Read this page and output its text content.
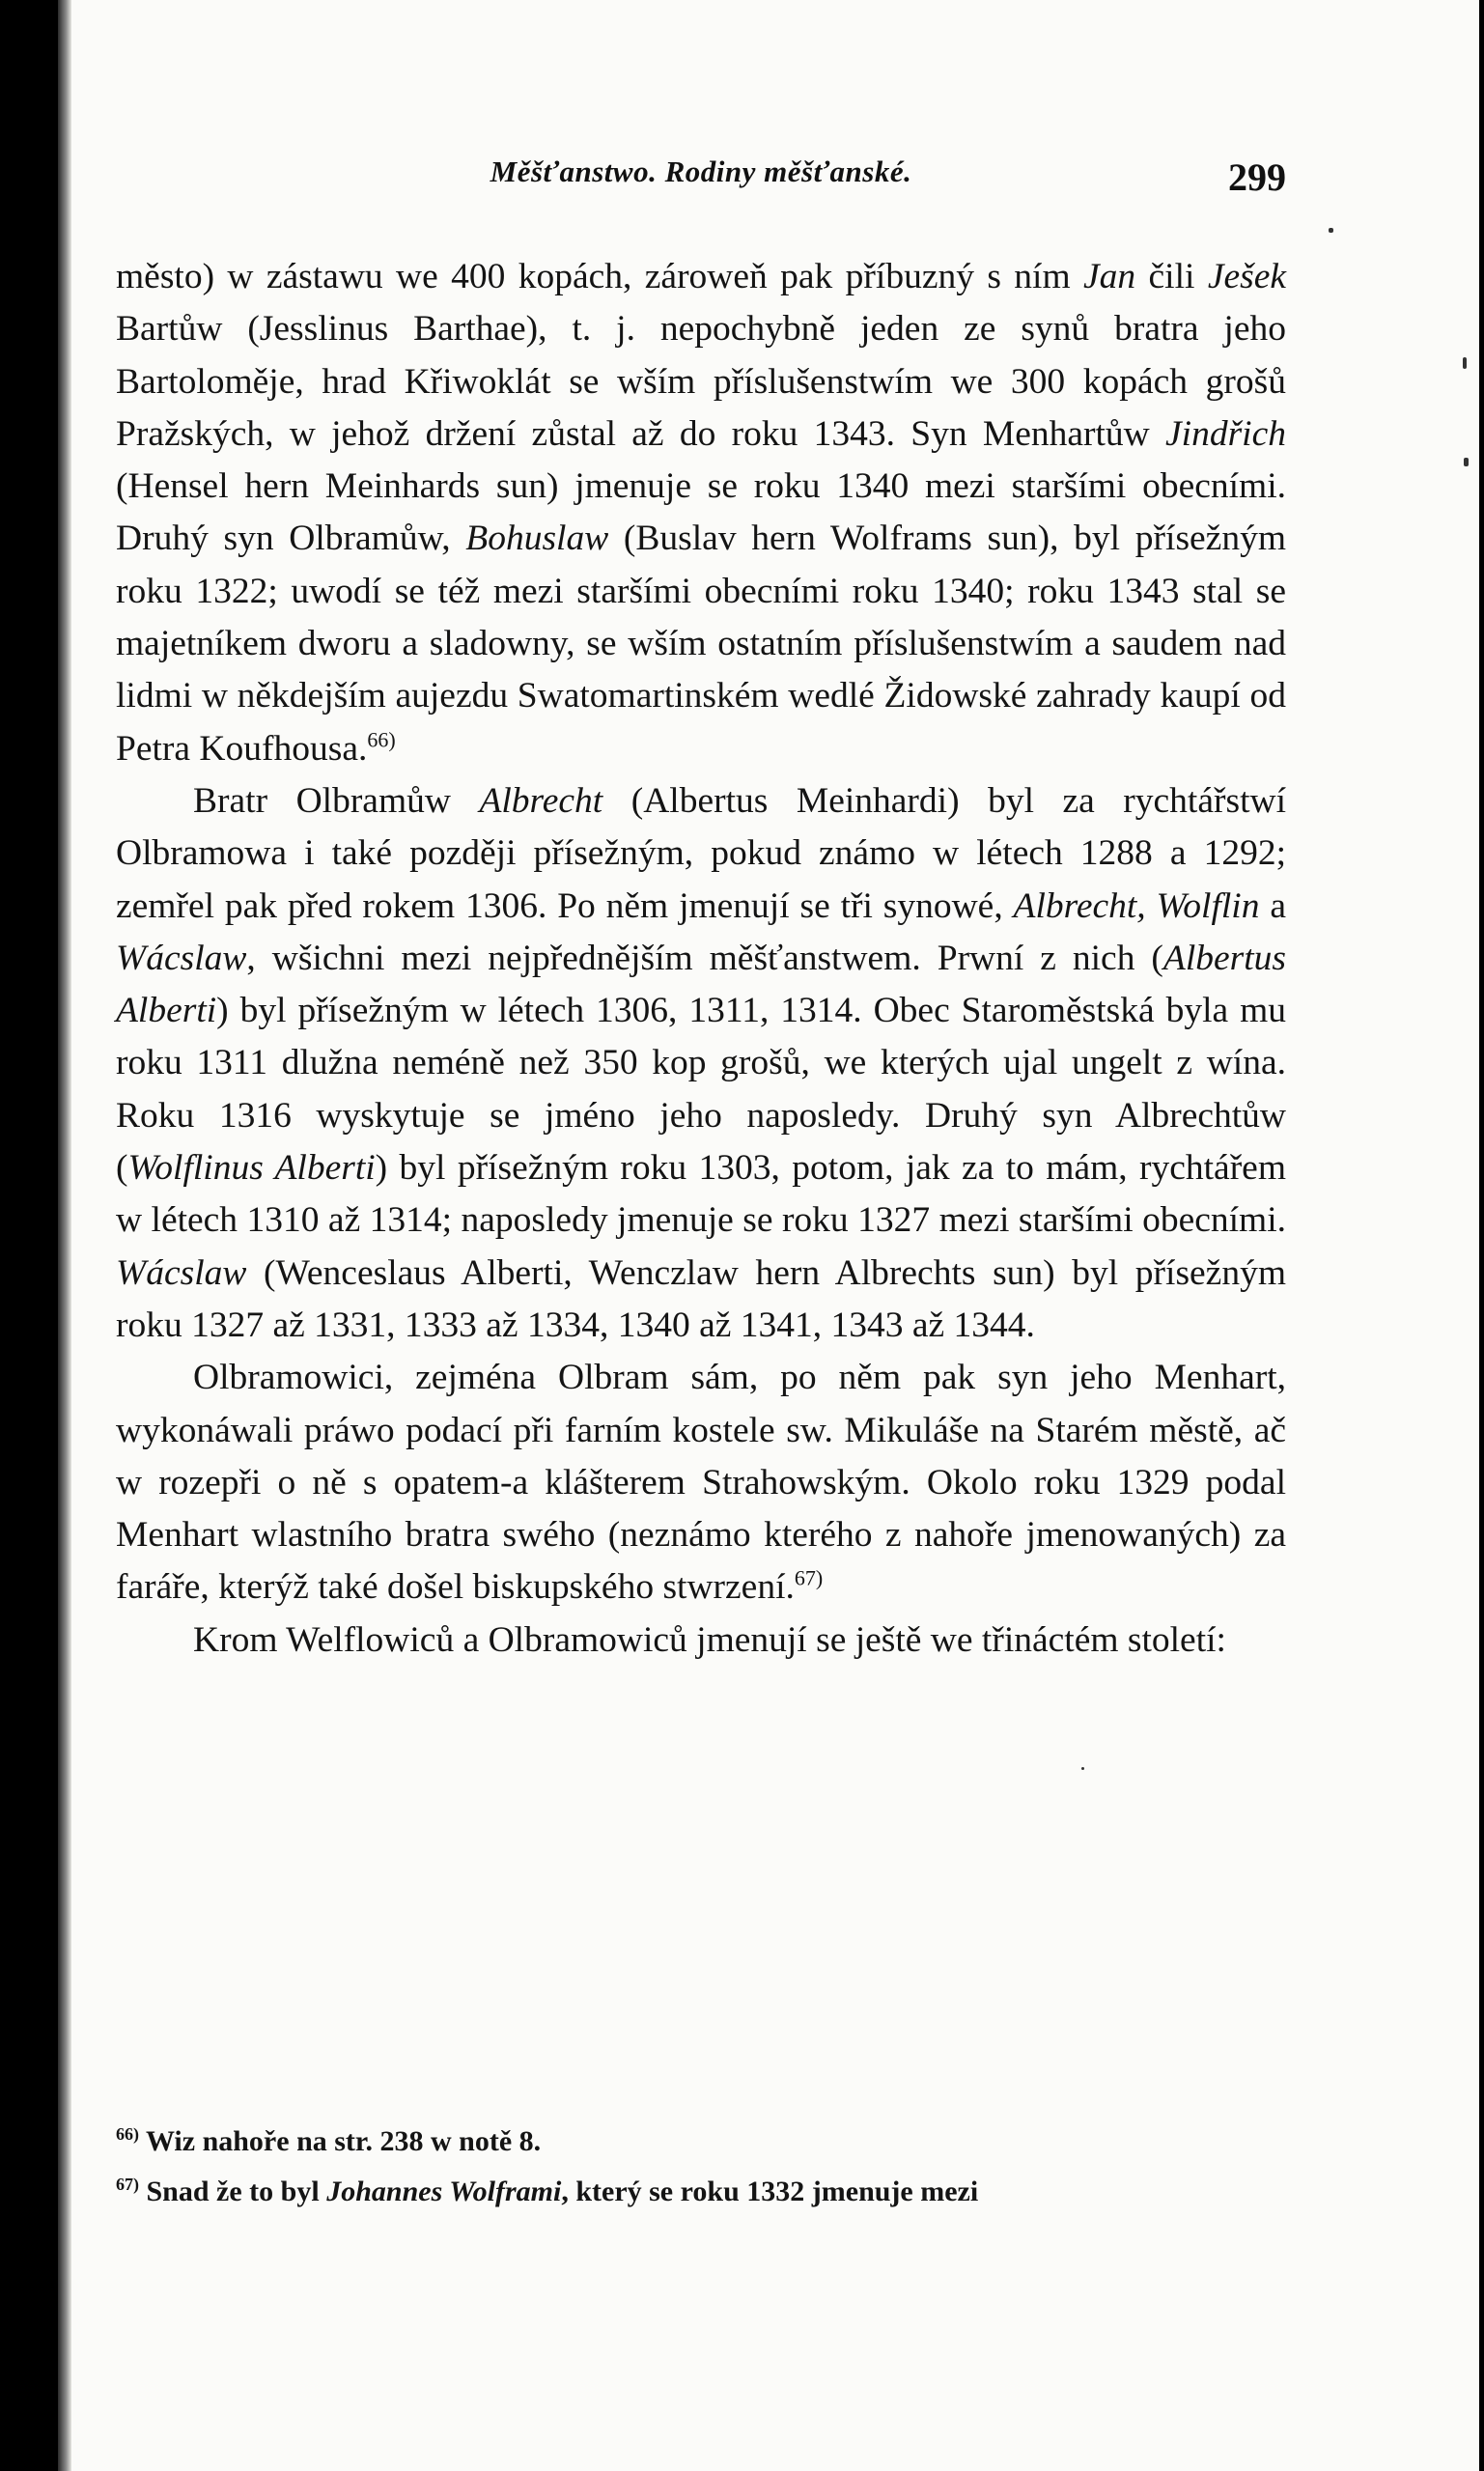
Měšťanstwo. Rodiny měšťanské.	299

město) w zástawu we 400 kopách, zároweň pak příbuzný s ním Jan čili Ješek Bartůw (Jesslinus Barthae), t. j. nepochybně jeden ze synů bratra jeho Bartoloměje, hrad Křiwoklát se wším příslušenstwím we 300 kopách grošů Pražských, w jehož držení zůstal až do roku 1343. Syn Menhartůw Jindřich (Hensel hern Meinhards sun) jmenuje se roku 1340 mezi staršími obecními. Druhý syn Olbramůw, Bohuslaw (Buslav hern Wolframs sun), byl přísežným roku 1322; uwodí se též mezi staršími obecními roku 1340; roku 1343 stal se majetníkem dworu a sladowny, se wším ostatním příslušenstwím a saudem nad lidmi w někdejším aujezdu Swatomartinském wedlé Židowské zahrady kaupí od Petra Koufhousa.$^{66)}$

Bratr Olbramůw Albrecht (Albertus Meinhardi) byl za rychtářstwí Olbramowa i také později přísežným, pokud známo w létech 1288 a 1292; zemřel pak před rokem 1306. Po něm jmenují se tři synowé, Albrecht, Wolflin a Wácslaw, wšichni mezi nejpřednějším měšťanstwem. Prwní z nich (Albertus Alberti) byl přísežným w létech 1306, 1311, 1314. Obec Staroměstská byla mu roku 1311 dlužna neméně než 350 kop grošů, we kterých ujal ungelt z wína. Roku 1316 wyskytuje se jméno jeho naposledy. Druhý syn Albrechtůw (Wolflinus Alberti) byl přísežným roku 1303, potom, jak za to mám, rychtářem w létech 1310 až 1314; naposledy jmenuje se roku 1327 mezi staršími obecními. Wácslaw (Wenceslaus Alberti, Wenczlaw hern Albrechts sun) byl přísežným roku 1327 až 1331, 1333 až 1334, 1340 až 1341, 1343 až 1344.

Olbramowici, zejména Olbram sám, po něm pak syn jeho Menhart, wykonáwali práwo podací při farním kostele sw. Mikuláše na Starém městě, ač w rozepři o ně s opatem-a klášterem Strahowským. Okolo roku 1329 podal Menhart wlastního bratra swého (neznámo kterého z nahoře jmenowaných) za faráře, kterýž také došel biskupského stwrzení.$^{67)}$

Krom Welflowiců a Olbramowiců jmenují se ještě we třináctém století:

$^{66)}$ Wiz nahoře na str. 238 w notě 8.

$^{67)}$ Snad že to byl Johannes Wolframi, který se roku 1332 jmenuje mezi
